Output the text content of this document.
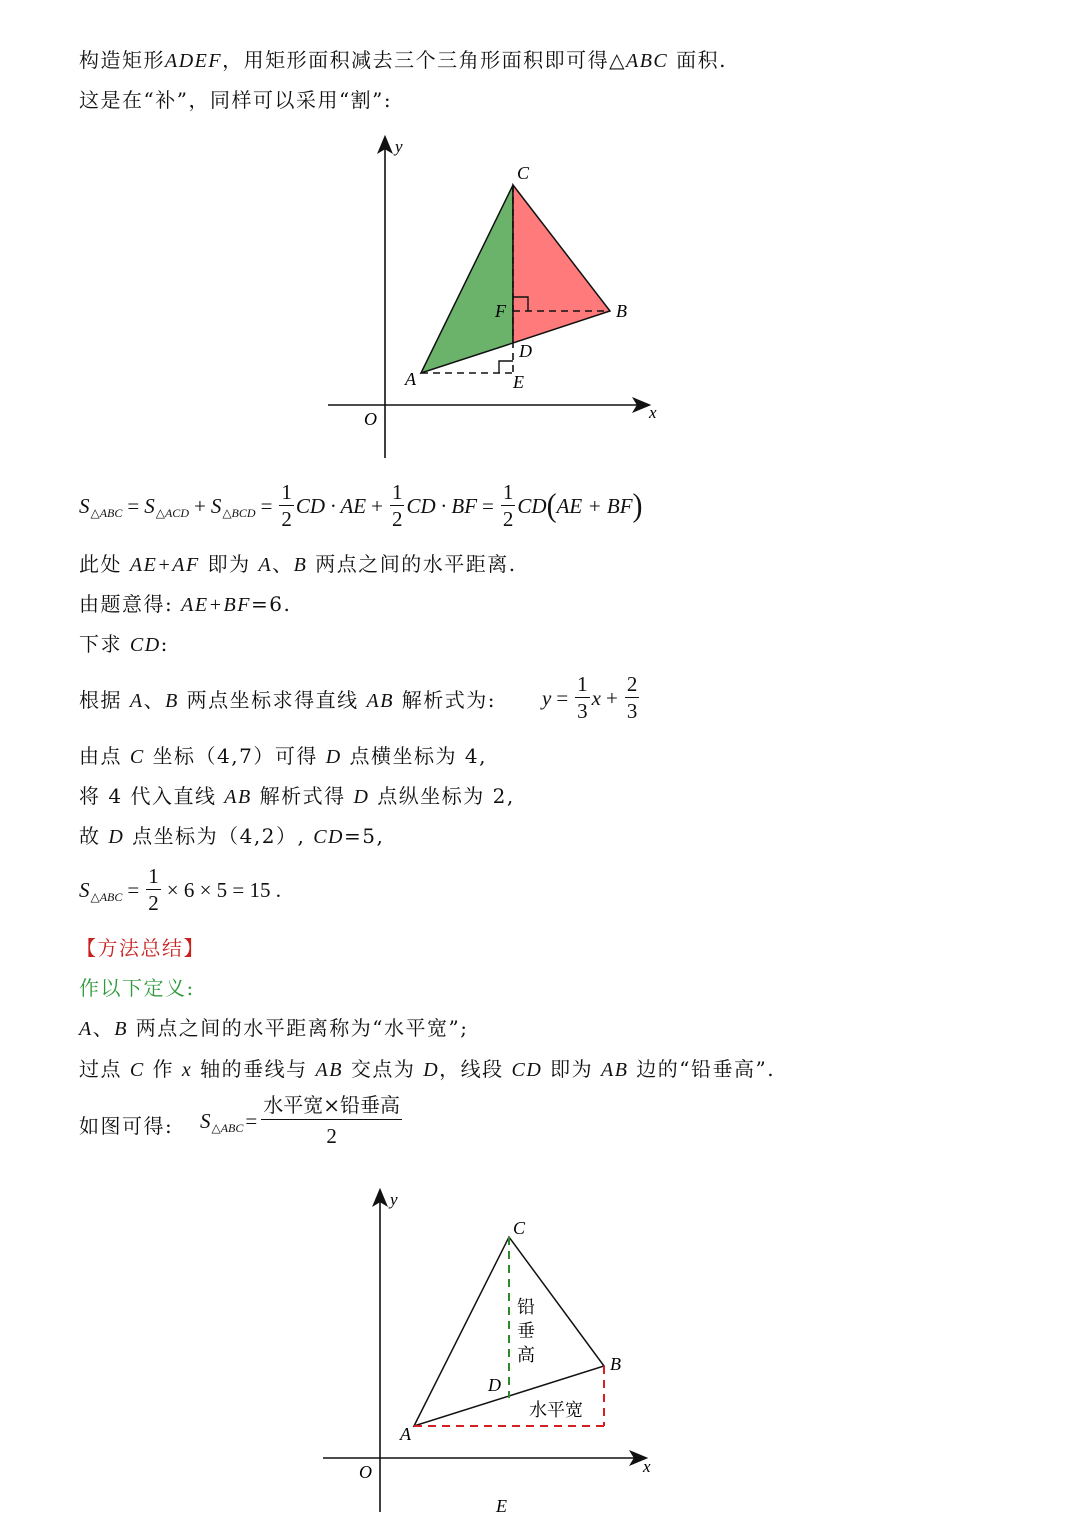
构造矩形ADEF，用矩形面积减去三个三角形面积即可得△ABC 面积.
这是在“补”，同样可以采用“割”:
y
x
O
C
B
F
D
A	E
S △ABC = S △ACD + S △BCD = $\frac{1}{2}$ CD · AE + $\frac{1}{2}$ CD · BF = $\frac{1}{2}$ CD ( AE + BF )
此处 AE+AF 即为 A、B 两点之间的水平距离.
由题意得: AE+BF=6.
下求 CD:
根据 A、B 两点坐标求得直线 AB 解析式为: $y = \frac{1}{3}$ $x + \frac{2}{3}$
由点 C 坐标（4,7）可得 D 点横坐标为 4,
将 4 代入直线 AB 解析式得 D 点纵坐标为 2,
故 D 点坐标为（4,2）, CD=5,
S △ABC = $\frac{1}{2} \times 6 \times 5 = 15$ .
【方法总结】
作以下定义:
A、B 两点之间的水平距离称为“水平宽”;
过点 C 作 x 轴的垂线与 AB 交点为 D，线段 CD 即为 AB 边的“铅垂高”.
如图可得: S △ABC = $\frac{\text{水平宽×铅垂高}}{2}$
y
x
O
C
B
D
A
E
铅
垂
高
水平宽
